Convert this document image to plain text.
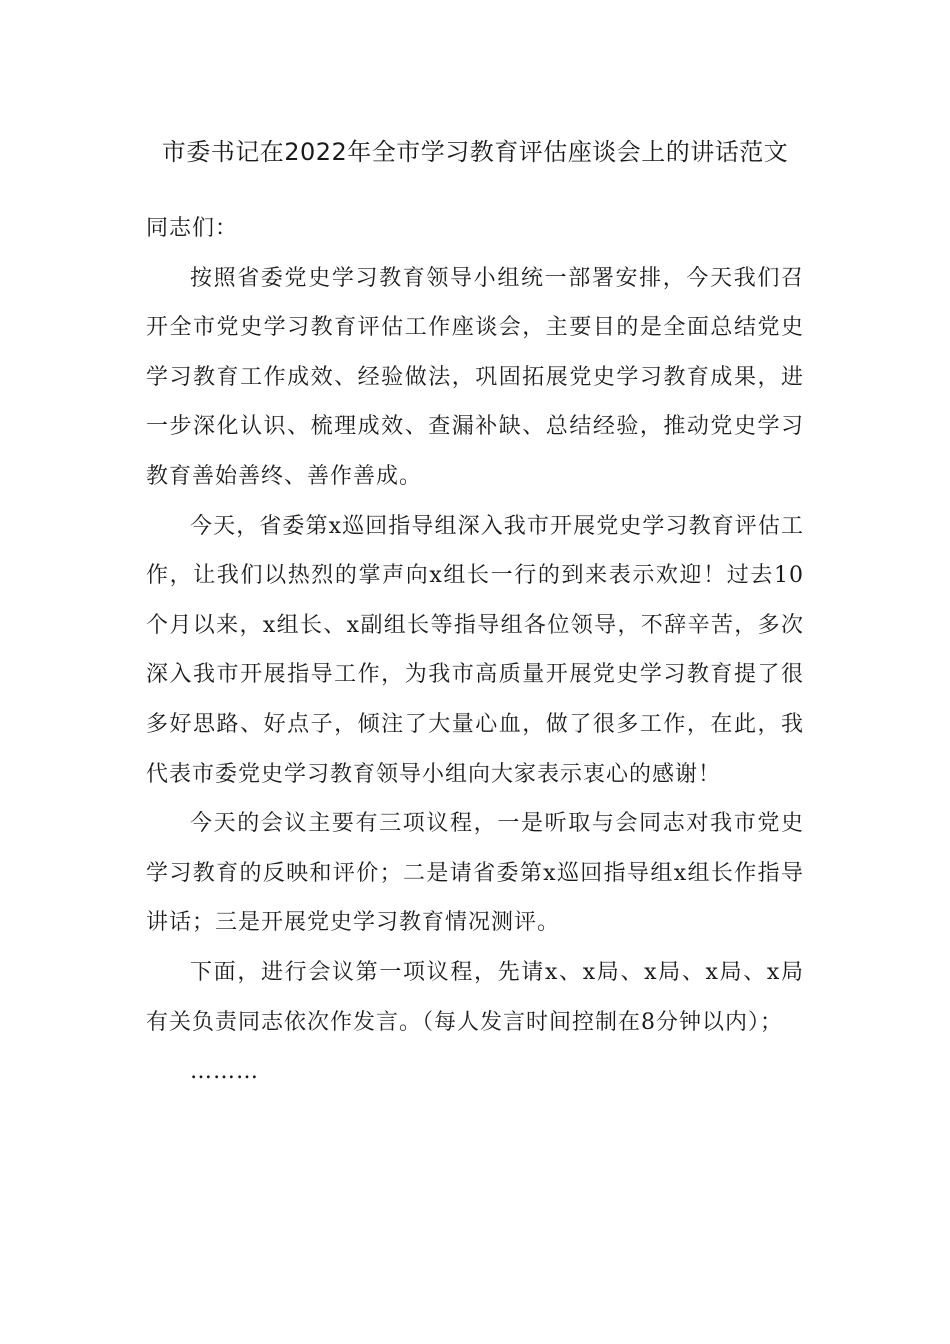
市委书记在2022年全市学习教育评估座谈会上的讲话范文

同志们：

按照省委党史学习教育领导小组统一部署安排，今天我们召开全市党史学习教育评估工作座谈会，主要目的是全面总结党史学习教育工作成效、经验做法，巩固拓展党史学习教育成果，进一步深化认识、梳理成效、查漏补缺、总结经验，推动党史学习教育善始善终、善作善成。

今天，省委第x巡回指导组深入我市开展党史学习教育评估工作，让我们以热烈的掌声向x组长一行的到来表示欢迎！过去10个月以来，x组长、x副组长等指导组各位领导，不辞辛苦，多次深入我市开展指导工作，为我市高质量开展党史学习教育提了很多好思路、好点子，倾注了大量心血，做了很多工作，在此，我代表市委党史学习教育领导小组向大家表示衷心的感谢！

今天的会议主要有三项议程，一是听取与会同志对我市党史学习教育的反映和评价；二是请省委第x巡回指导组x组长作指导讲话；三是开展党史学习教育情况测评。

下面，进行会议第一项议程，先请x、x局、x局、x局、x局有关负责同志依次作发言。（每人发言时间控制在8分钟以内）；

………
